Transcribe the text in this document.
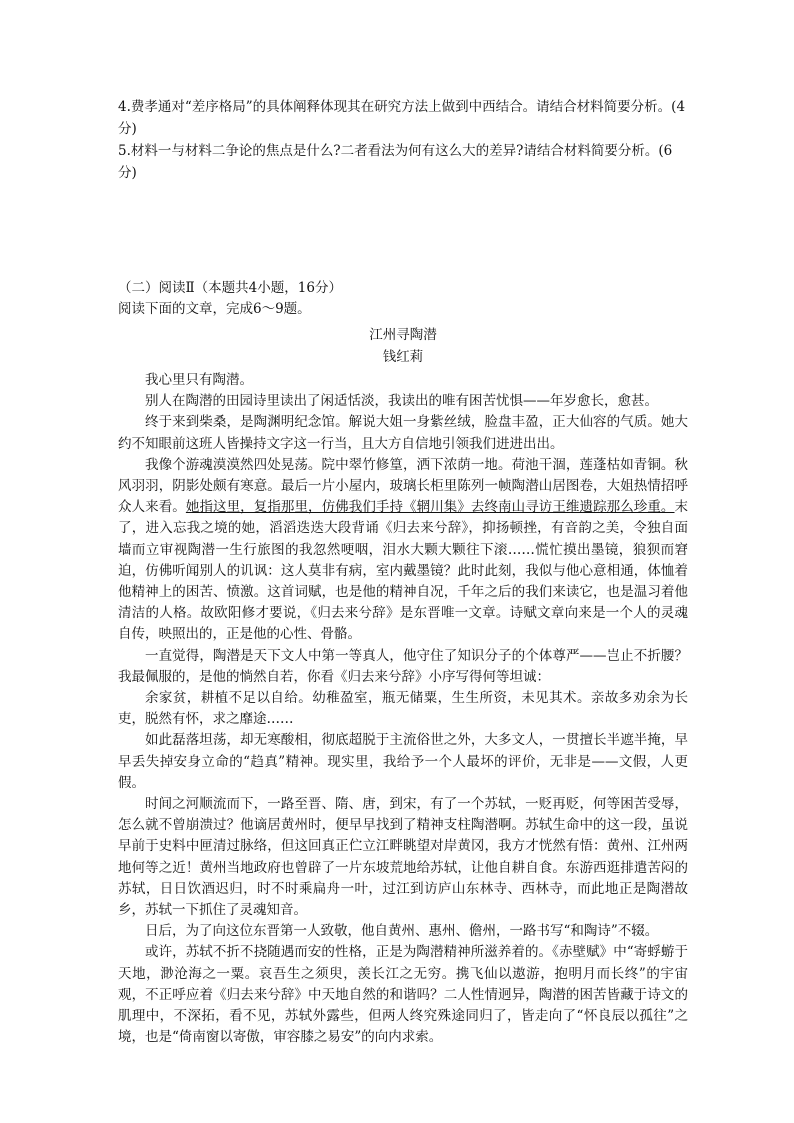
4.费孝通对“差序格局”的具体阐释体现其在研究方法上做到中西结合。请结合材料简要分析。(4分)

5.材料一与材料二争论的焦点是什么?二者看法为何有这么大的差异?请结合材料简要分析。(6分)

（二）阅读Ⅱ（本题共4小题，16分）

阅读下面的文章，完成6～9题。

江州寻陶潜

钱红莉

我心里只有陶潜。

别人在陶潜的田园诗里读出了闲适恬淡，我读出的唯有困苦忧惧——年岁愈长，愈甚。

终于来到柴桑，是陶渊明纪念馆。解说大姐一身紫丝绒，脸盘丰盈，正大仙容的气质。她大约不知眼前这班人皆操持文字这一行当，且大方自信地引领我们进进出出。

我像个游魂漠漠然四处晃荡。院中翠竹修篁，洒下浓荫一地。荷池干涸，莲蓬枯如青铜。秋风羽羽，阴影处颇有寒意。最后一片小屋内，玻璃长柜里陈列一帧陶潜山居图卷，大姐热情招呼众人来看。她指这里，复指那里，仿佛我们手持《辋川集》去终南山寻访王维遗踪那么珍重。末了，进入忘我之境的她，滔滔迭迭大段背诵《归去来兮辞》，抑扬顿挫，有音韵之美，令独自面墙而立审视陶潜一生行旅图的我忽然哽咽，泪水大颗大颗往下滚……慌忙摸出墨镜，狼狈而窘迫，仿佛听闻别人的讥讽：这人莫非有病，室内戴墨镜？此时此刻，我似与他心意相通，体恤着他精神上的困苦、愤激。这首词赋，也是他的精神自况，千年之后的我们来读它，也是温习着他清洁的人格。故欧阳修才要说，《归去来兮辞》是东晋唯一文章。诗赋文章向来是一个人的灵魂自传，映照出的，正是他的心性、骨骼。

一直觉得，陶潜是天下文人中第一等真人，他守住了知识分子的个体尊严——岂止不折腰？我最佩服的，是他的惝然自若，你看《归去来兮辞》小序写得何等坦诚：

余家贫，耕植不足以自给。幼稚盈室，瓶无储粟，生生所资，未见其术。亲故多劝余为长吏，脱然有怀，求之靡途……

如此磊落坦荡，却无寒酸相，彻底超脱于主流俗世之外，大多文人，一贯擅长半遮半掩，早早丢失掉安身立命的“趋真”精神。现实里，我给予一个人最坏的评价，无非是——文假，人更假。

时间之河顺流而下，一路至晋、隋、唐，到宋，有了一个苏轼，一贬再贬，何等困苦受辱，怎么就不曾崩溃过？他谪居黄州时，便早早找到了精神支柱陶潜啊。苏轼生命中的这一段，虽说早前于史料中匣清过脉络，但这回真正伫立江畔眺望对岸黄冈，我方才恍然有悟：黄州、江州两地何等之近！黄州当地政府也曾辟了一片东坡荒地给苏轼，让他自耕自食。东游西逛排遣苦闷的苏轼，日日饮酒迟归，时不时乘扁舟一叶，过江到访庐山东林寺、西林寺，而此地正是陶潜故乡，苏轼一下抓住了灵魂知音。

日后，为了向这位东晋第一人致敬，他自黄州、惠州、儋州，一路书写“和陶诗”不辍。

或许，苏轼不折不挠随遇而安的性格，正是为陶潜精神所滋养着的。《赤壁赋》中“寄蜉蝣于天地，渺沧海之一粟。哀吾生之须臾，羡长江之无穷。携飞仙以遨游，抱明月而长终”的宇宙观，不正呼应着《归去来兮辞》中天地自然的和谐吗？二人性情迥异，陶潜的困苦皆藏于诗文的肌理中，不深拓，看不见，苏轼外露些，但两人终究殊途同归了，皆走向了“怀良辰以孤往”之境，也是“倚南窗以寄傲，审容膝之易安”的向内求索。
